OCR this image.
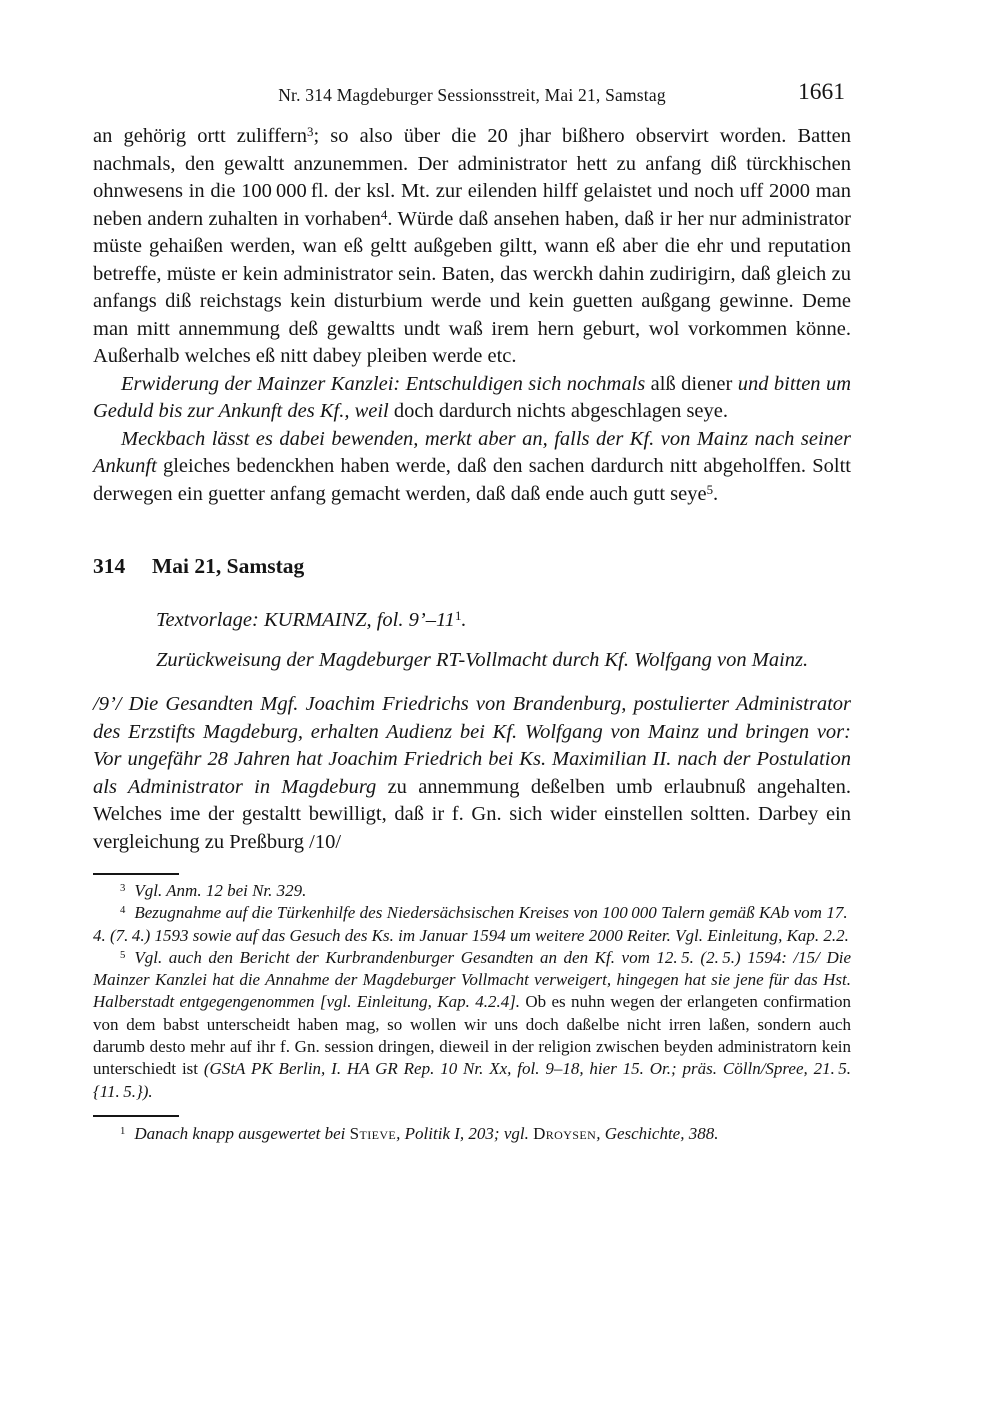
Nr. 314 Magdeburger Sessionsstreit, Mai 21, Samstag	1661

an gehörig ortt zuliffern$^3$; so also über die 20 jhar bißhero observirt worden. Batten nachmals, den gewaltt anzunemmen. Der administrator hett zu anfang diß türckhischen ohnwesens in die 100 000 fl. der ksl. Mt. zur eilenden hilff gelaistet und noch uff 2000 man neben andern zuhalten in vorhaben$^4$. Würde daß ansehen haben, daß ir her nur administrator müste gehaißen werden, wan eß geltt außgeben giltt, wann eß aber die ehr und reputation betreffe, müste er kein administrator sein. Baten, das werckh dahin zudirigirn, daß gleich zu anfangs diß reichstags kein disturbium werde und kein guetten außgang gewinne. Deme man mitt annemmung deß gewaltts undt waß irem hern geburt, wol vorkommen könne. Außerhalb welches eß nitt dabey pleiben werde etc.

Erwiderung der Mainzer Kanzlei: Entschuldigen sich nochmals alß diener und bitten um Geduld bis zur Ankunft des Kf., weil doch dardurch nichts abgeschlagen seye.

Meckbach lässt es dabei bewenden, merkt aber an, falls der Kf. von Mainz nach seiner Ankunft gleiches bedenckhen haben werde, daß den sachen dardurch nitt abgeholffen. Soltt derwegen ein guetter anfang gemacht werden, daß daß ende auch gutt seye$^5$.

314	Mai 21, Samstag

Textvorlage: KURMAINZ, fol. $9’-11^1$.

Zurückweisung der Magdeburger RT-Vollmacht durch Kf. Wolfgang von Mainz.

/9’/ Die Gesandten Mgf. Joachim Friedrichs von Brandenburg, postulierter Administrator des Erzstifts Magdeburg, erhalten Audienz bei Kf. Wolfgang von Mainz und bringen vor: Vor ungefähr 28 Jahren hat Joachim Friedrich bei Ks. Maximilian II. nach der Postulation als Administrator in Magdeburg zu annemmung deßelben umb erlaubnuß angehalten. Welches ime der gestaltt bewilligt, daß ir f. Gn. sich wider einstellen soltten. Darbey ein vergleichung zu Preßburg /10/

$^3$ Vgl. Anm. 12 bei Nr. 329.

$^4$ Bezugnahme auf die Türkenhilfe des Niedersächsischen Kreises von 100 000 Talern gemäß KAb vom 17. 4. (7. 4.) 1593 sowie auf das Gesuch des Ks. im Januar 1594 um weitere 2000 Reiter. Vgl. Einleitung, Kap. 2.2.

$^5$ Vgl. auch den Bericht der Kurbrandenburger Gesandten an den Kf. vom 12. 5. (2. 5.) 1594: /15/ Die Mainzer Kanzlei hat die Annahme der Magdeburger Vollmacht verweigert, hingegen hat sie jene für das Hst. Halberstadt entgegengenommen [vgl. Einleitung, Kap. 4.2.4]. Ob es nuhn wegen der erlangeten confirmation von dem babst unterscheidt haben mag, so wollen wir uns doch daßelbe nicht irren laßen, sondern auch darumb desto mehr auf ihr f. Gn. session dringen, dieweil in der religion zwischen beyden administratorn kein unterschiedt ist (GStA PK Berlin, I. HA GR Rep. 10 Nr. Xx, fol. 9–18, hier 15. Or.; präs. Cölln/Spree, 21. 5. {11. 5.}).

$^1$ Danach knapp ausgewertet bei Stieve, Politik I, 203; vgl. Droysen, Geschichte, 388.
